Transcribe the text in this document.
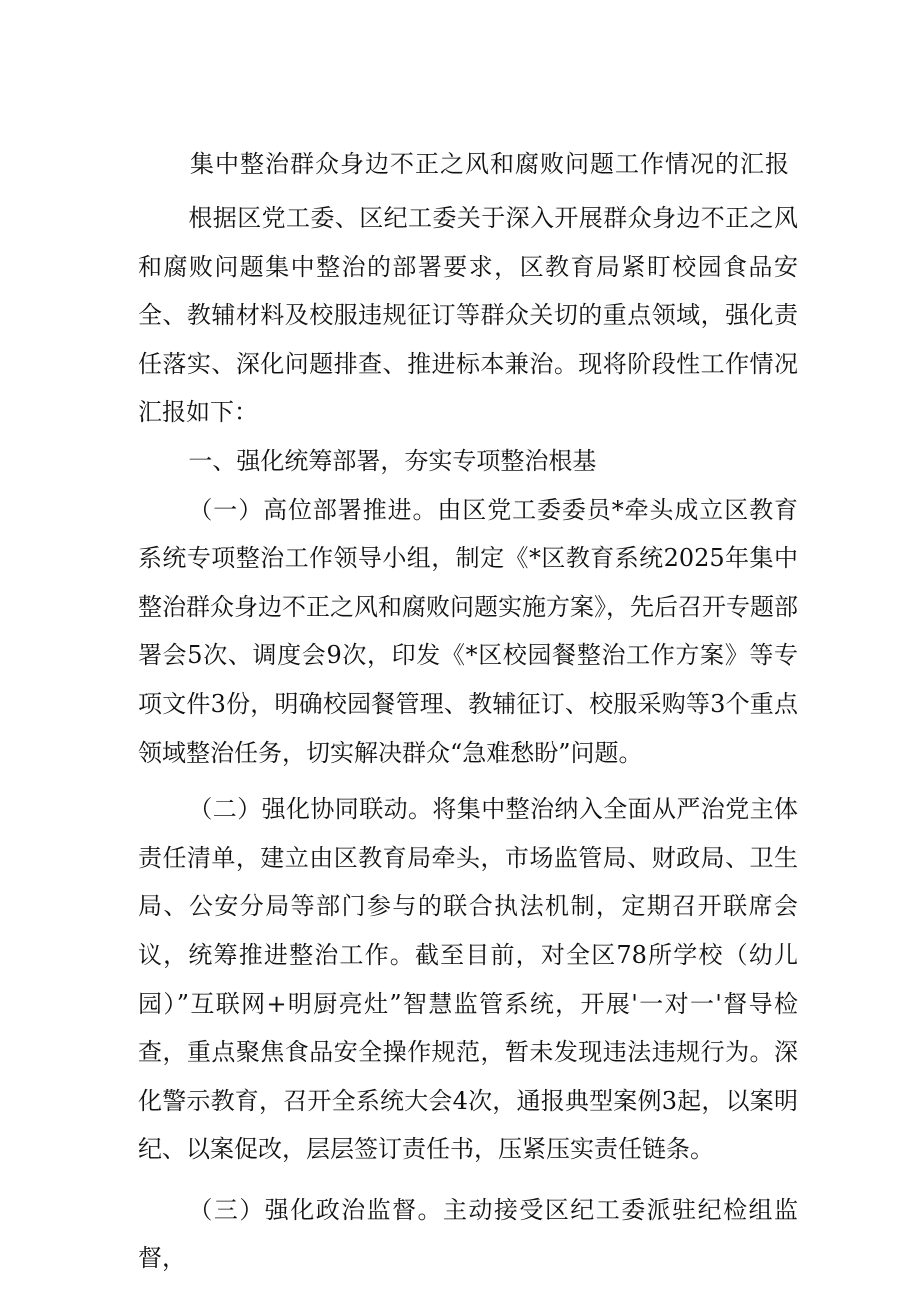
集中整治群众身边不正之风和腐败问题工作情况的汇报

根据区党工委、区纪工委关于深入开展群众身边不正之风和腐败问题集中整治的部署要求，区教育局紧盯校园食品安全、教辅材料及校服违规征订等群众关切的重点领域，强化责任落实、深化问题排查、推进标本兼治。现将阶段性工作情况汇报如下：

一、强化统筹部署，夯实专项整治根基

（一）高位部署推进。由区党工委委员*牵头成立区教育系统专项整治工作领导小组，制定《*区教育系统2025年集中整治群众身边不正之风和腐败问题实施方案》，先后召开专题部署会5次、调度会9次，印发《*区校园餐整治工作方案》等专项文件3份，明确校园餐管理、教辅征订、校服采购等3个重点领域整治任务，切实解决群众“急难愁盼”问题。

（二）强化协同联动。将集中整治纳入全面从严治党主体责任清单，建立由区教育局牵头，市场监管局、财政局、卫生局、公安分局等部门参与的联合执法机制，定期召开联席会议，统筹推进整治工作。截至目前，对全区78所学校（幼儿园）”互联网+明厨亮灶”智慧监管系统，开展'一对一'督导检查，重点聚焦食品安全操作规范，暂未发现违法违规行为。深化警示教育，召开全系统大会4次，通报典型案例3起，以案明纪、以案促改，层层签订责任书，压紧压实责任链条。

（三）强化政治监督。主动接受区纪工委派驻纪检组监督，
